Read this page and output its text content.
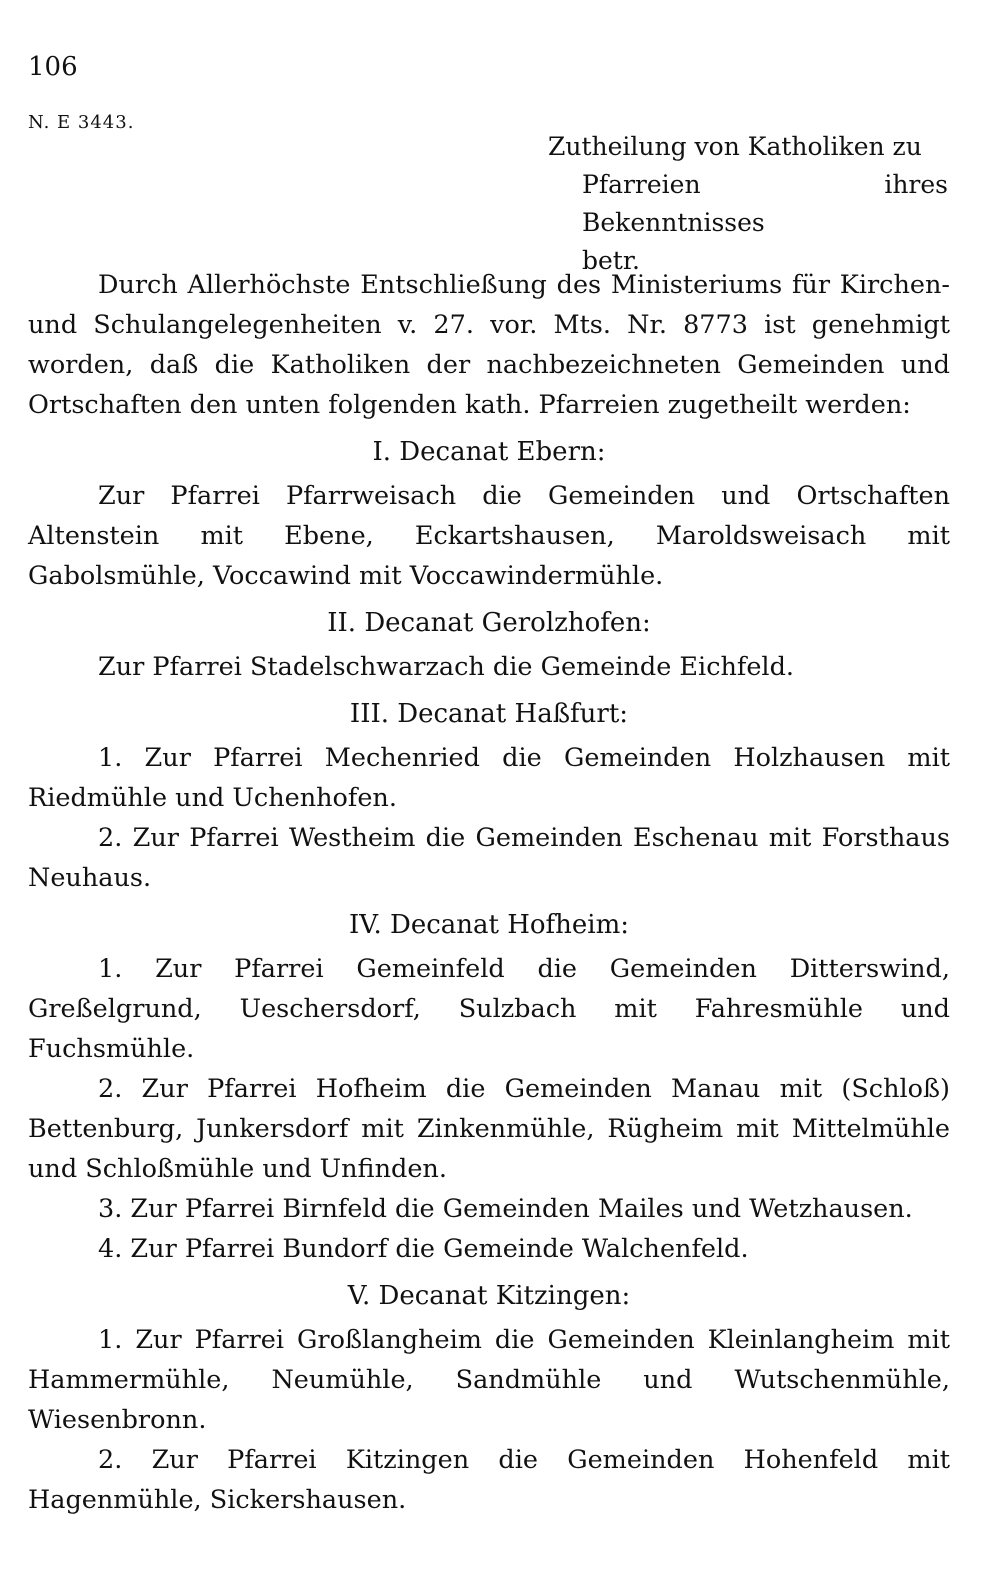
106
N. E 3443.
Zutheilung von Katholiken zu
Pfarreien ihres Bekenntnisses
betr.

Durch Allerhöchste Entschließung des Ministeriums für Kirchen- und Schulangelegenheiten v. 27. vor. Mts. Nr. 8773 ist genehmigt worden, daß die Katholiken der nachbezeichneten Gemeinden und Ortschaften den unten folgenden kath. Pfarreien zugetheilt werden:

I. Decanat Ebern:

Zur Pfarrei Pfarrweisach die Gemeinden und Ortschaften Altenstein mit Ebene, Eckartshausen, Maroldsweisach mit Gabolsmühle, Voccawind mit Voccawindermühle.

II. Decanat Gerolzhofen:

Zur Pfarrei Stadelschwarzach die Gemeinde Eichfeld.

III. Decanat Haßfurt:

1. Zur Pfarrei Mechenried die Gemeinden Holzhausen mit Riedmühle und Uchenhofen.

2. Zur Pfarrei Westheim die Gemeinden Eschenau mit Forsthaus Neuhaus.

IV. Decanat Hofheim:

1. Zur Pfarrei Gemeinfeld die Gemeinden Ditterswind, Greßelgrund, Ueschersdorf, Sulzbach mit Fahresmühle und Fuchsmühle.

2. Zur Pfarrei Hofheim die Gemeinden Manau mit (Schloß) Bettenburg, Junkersdorf mit Zinkenmühle, Rügheim mit Mittelmühle und Schloßmühle und Unfinden.

3. Zur Pfarrei Birnfeld die Gemeinden Mailes und Wetzhausen.

4. Zur Pfarrei Bundorf die Gemeinde Walchenfeld.

V. Decanat Kitzingen:

1. Zur Pfarrei Großlangheim die Gemeinden Kleinlangheim mit Hammermühle, Neumühle, Sandmühle und Wutschenmühle, Wiesenbronn.

2. Zur Pfarrei Kitzingen die Gemeinden Hohenfeld mit Hagenmühle, Sickershausen.
